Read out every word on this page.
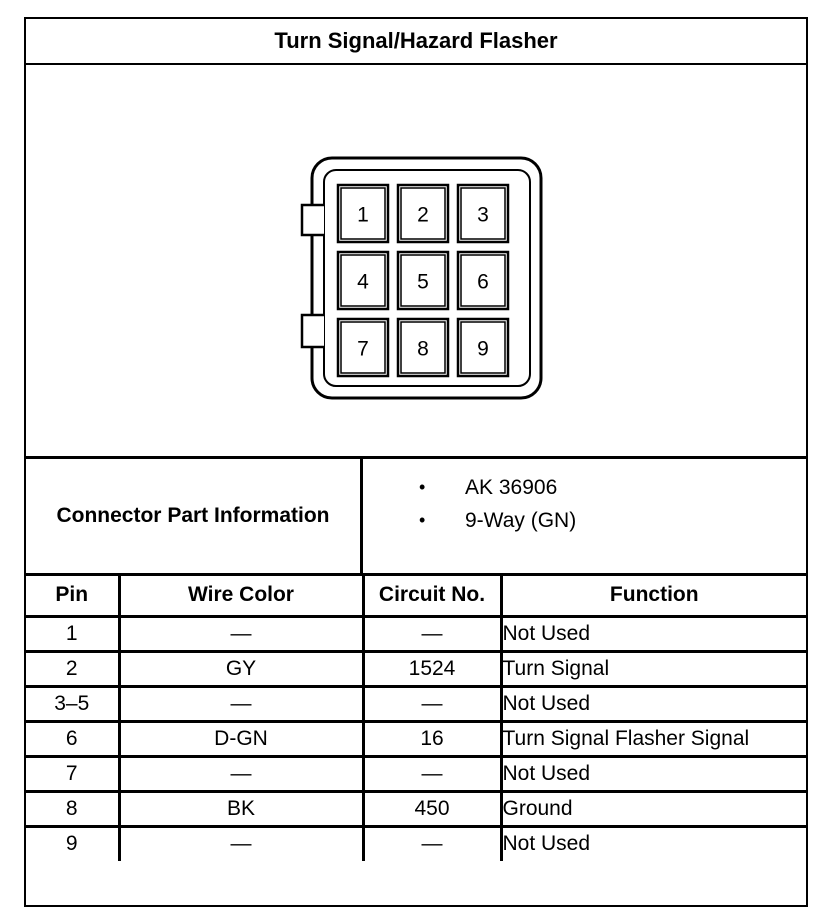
Turn Signal/Hazard Flasher
1 2 3
4 5 6
7 8 9
Connector Part Information
•	AK 36906
•	9-Way (GN)
Pin	Wire Color	Circuit No.	Function
1	—	—	Not Used
2	GY	1524	Turn Signal
3–5	—	—	Not Used
6	D-GN	16	Turn Signal Flasher Signal
7	—	—	Not Used
8	BK	450	Ground
9	—	—	Not Used
